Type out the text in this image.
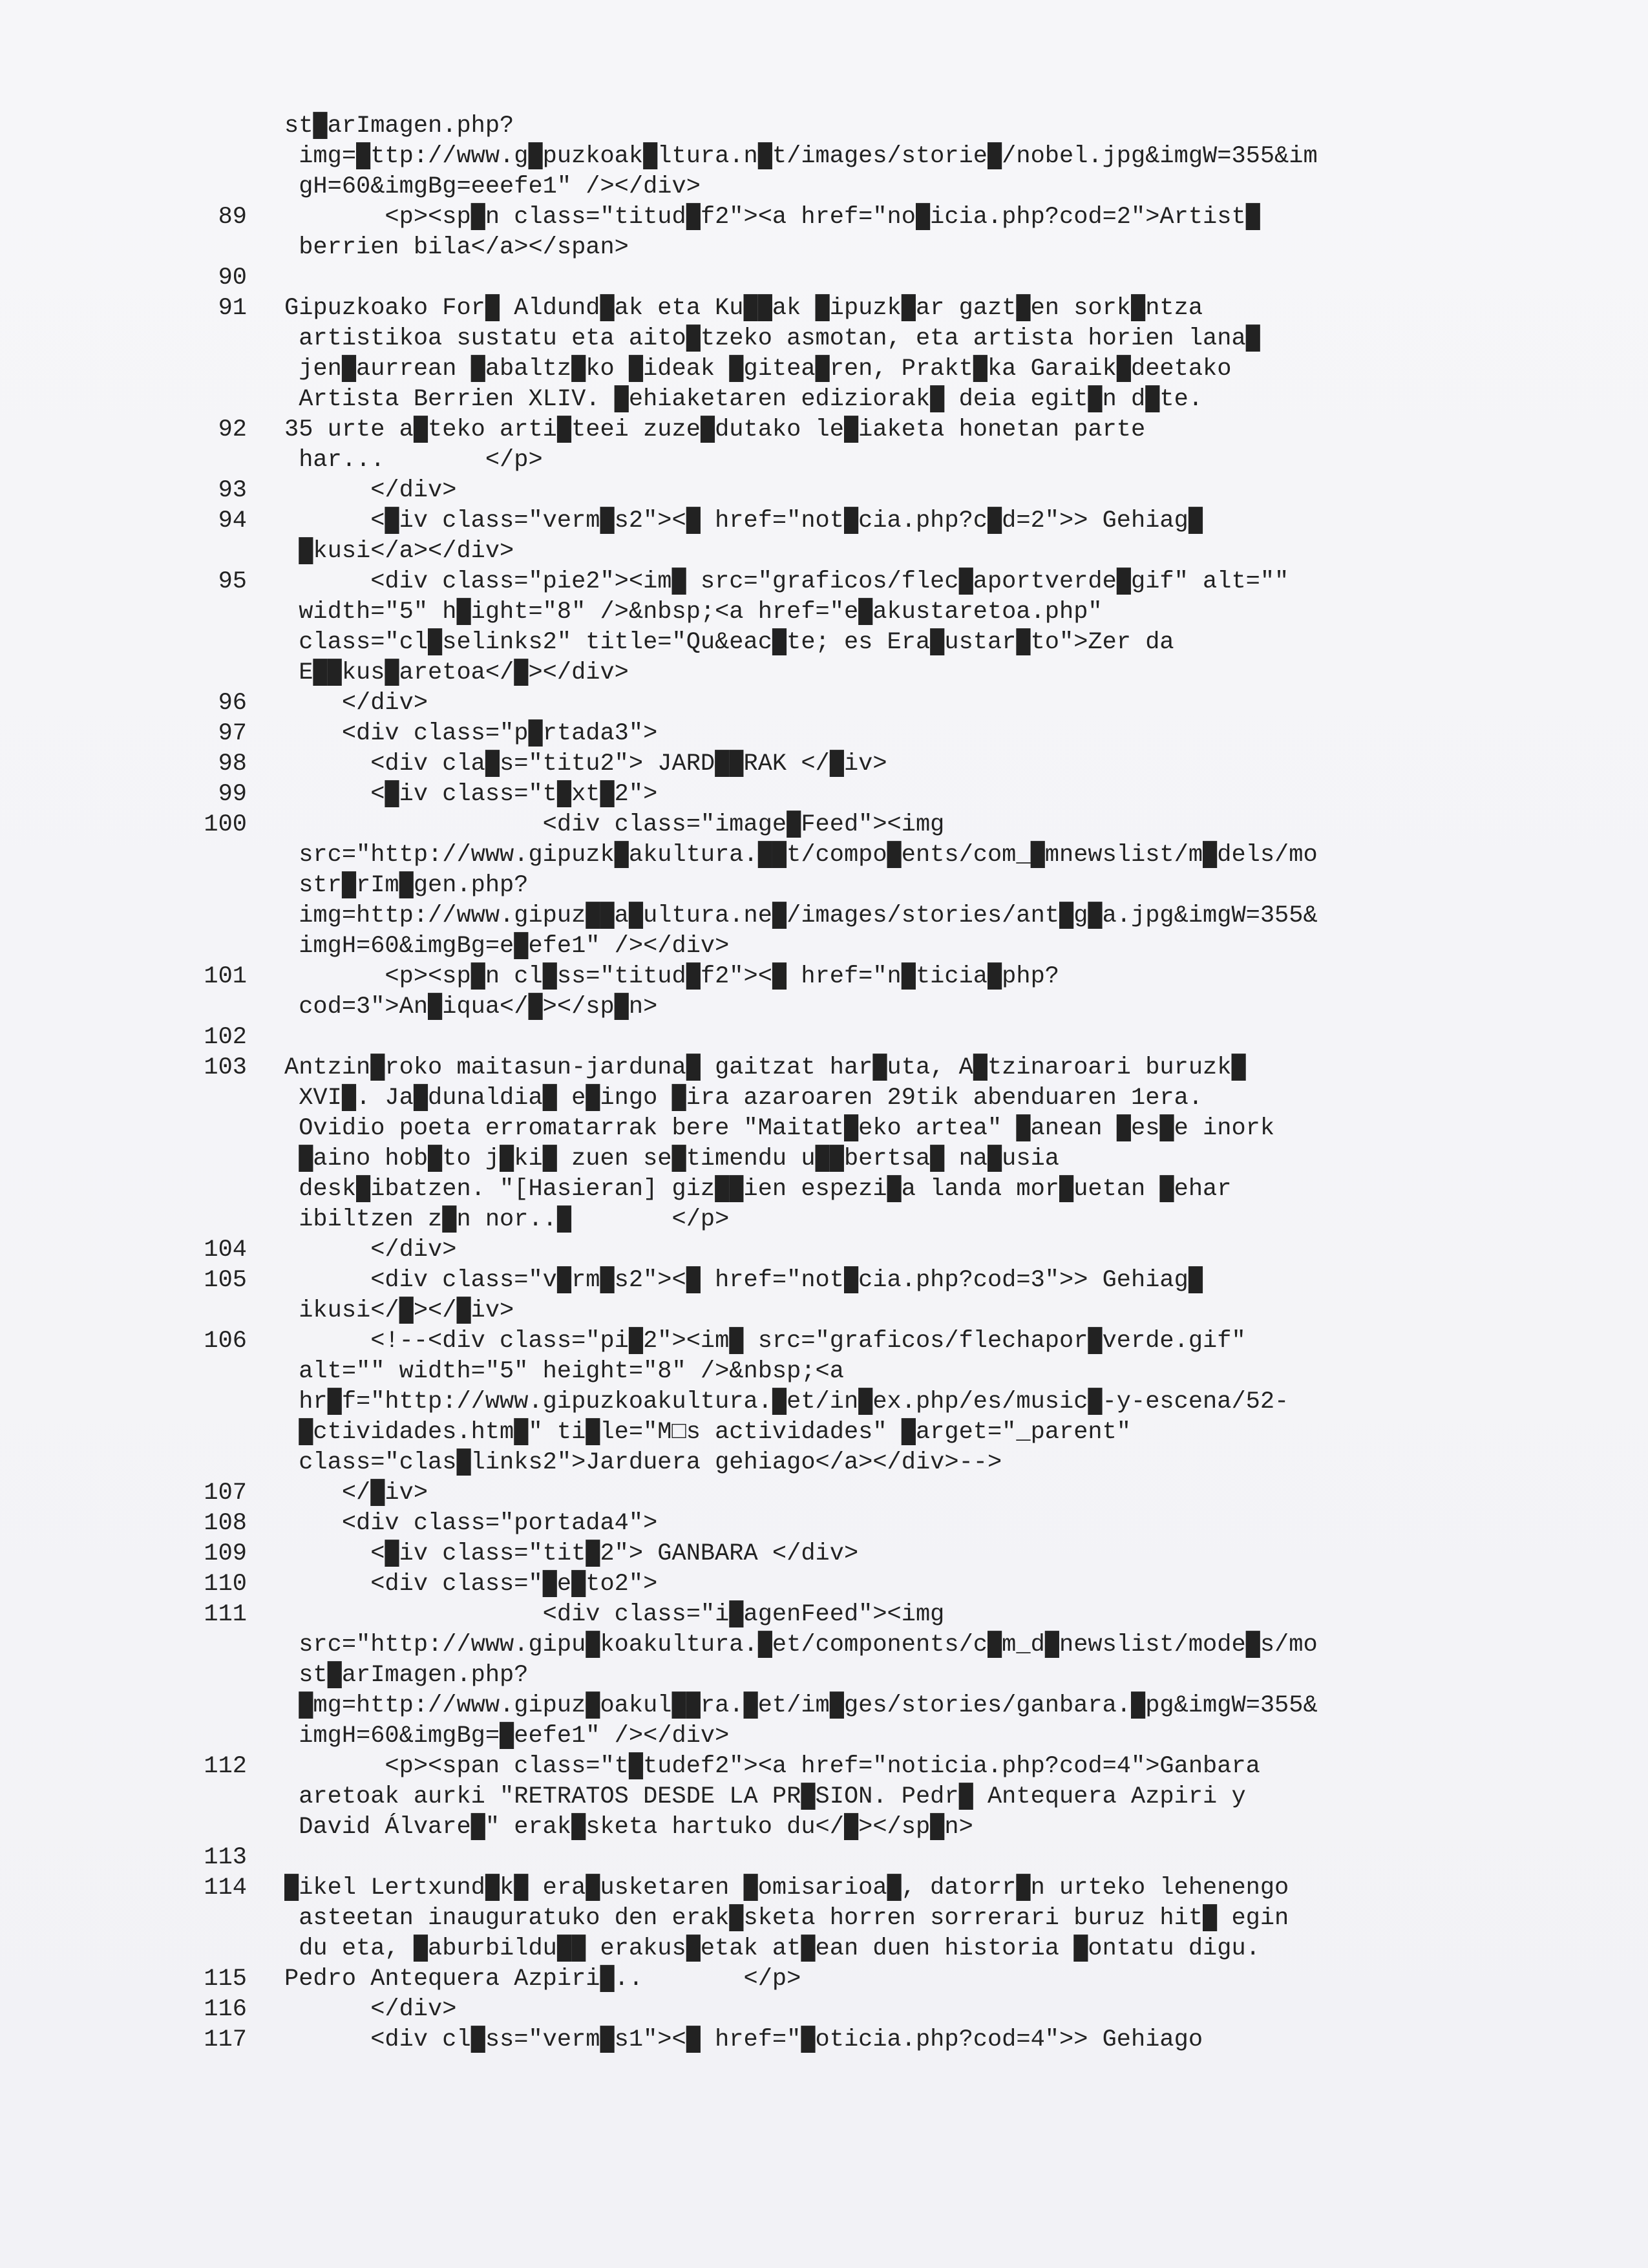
st█arImagen.php?
img=█ttp://www.g█puzkoak█ltura.n█t/images/storie█/nobel.jpg&imgW=355&im
gH=60&imgBg=eeefe1" /></div>
89 <p><sp█n class="titud█f2"><a href="no█icia.php?cod=2">Artist█
berrien bila</a></span>
90
91 Gipuzkoako For█ Aldund█ak eta Ku██ak █ipuzk█ar gazt█en sork█ntza
artistikoa sustatu eta aito█tzeko asmotan, eta artista horien lana█
jen█aurrean █abaltz█ko █ideak █gitea█ren, Prakt█ka Garaik█deetako
Artista Berrien XLIV. █ehiaketaren ediziorak█ deia egit█n d█te.
92 35 urte a█teko arti█teei zuze█dutako le█iaketa honetan parte
har...       </p>
93 </div>
94 <█iv class="verm█s2"><█ href="not█cia.php?c█d=2">> Gehiag█
█kusi</a></div>
95 <div class="pie2"><im█ src="graficos/flec█aportverde█gif" alt=""
width="5" h█ight="8" />&nbsp;<a href="e█akustaretoa.php"
class="cl█selinks2" title="Qu&eac█te; es Era█ustar█to">Zer da
E██kus█aretoa</█></div>
96 </div>
97 <div class="p█rtada3">
98 <div cla█s="titu2"> JARD██RAK </█iv>
99 <█iv class="t█xt█2">
100 <div class="image█Feed"><img
src="http://www.gipuzk█akultura.██t/compo█ents/com_█mnewslist/m█dels/mo
str█rIm█gen.php?
img=http://www.gipuz██a█ultura.ne█/images/stories/ant█g█a.jpg&imgW=355&
imgH=60&imgBg=e█efe1" /></div>
101 <p><sp█n cl█ss="titud█f2"><█ href="n█ticia█php?
cod=3">An█iqua</█></sp█n>
102
103 Antzin█roko maitasun-jarduna█ gaitzat har█uta, A█tzinaroari buruzk█
XVI█. Ja█dunaldia█ e█ingo █ira azaroaren 29tik abenduaren 1era.
Ovidio poeta erromatarrak bere "Maitat█eko artea" █anean █es█e inork
█aino hob█to j█ki█ zuen se█timendu u██bertsa█ na█usia
desk█ibatzen. "[Hasieran] giz██ien espezi█a landa mor█uetan █ehar
ibiltzen z█n nor..█       </p>
104 </div>
105 <div class="v█rm█s2"><█ href="not█cia.php?cod=3">> Gehiag█
ikusi</█></█iv>
106 <!--<div class="pi█2"><im█ src="graficos/flechapor█verde.gif"
alt="" width="5" height="8" />&nbsp;<a
hr█f="http://www.gipuzkoakultura.█et/in█ex.php/es/music█-y-escena/52-
█ctividades.htm█" ti█le="M□s actividades" █arget="_parent"
class="clas█links2">Jarduera gehiago</a></div>-->
107 </█iv>
108 <div class="portada4">
109 <█iv class="tit█2"> GANBARA </div>
110 <div class="█e█to2">
111 <div class="i█agenFeed"><img
src="http://www.gipu█koakultura.█et/components/c█m_d█newslist/mode█s/mo
st█arImagen.php?
█mg=http://www.gipuz█oakul██ra.█et/im█ges/stories/ganbara.█pg&imgW=355&
imgH=60&imgBg=█eefe1" /></div>
112 <p><span class="t█tudef2"><a href="noticia.php?cod=4">Ganbara
aretoak aurki "RETRATOS DESDE LA PR█SION. Pedr█ Antequera Azpiri y
David Álvare█" erak█sketa hartuko du</█></sp█n>
113
114 █ikel Lertxund█k█ era█usketaren █omisarioa█, datorr█n urteko lehenengo
asteetan inauguratuko den erak█sketa horren sorrerari buruz hit█ egin
du eta, █aburbildu██ erakus█etak at█ean duen historia █ontatu digu.
115 Pedro Antequera Azpiri█..       </p>
116 </div>
117 <div cl█ss="verm█s1"><█ href="█oticia.php?cod=4">> Gehiago
